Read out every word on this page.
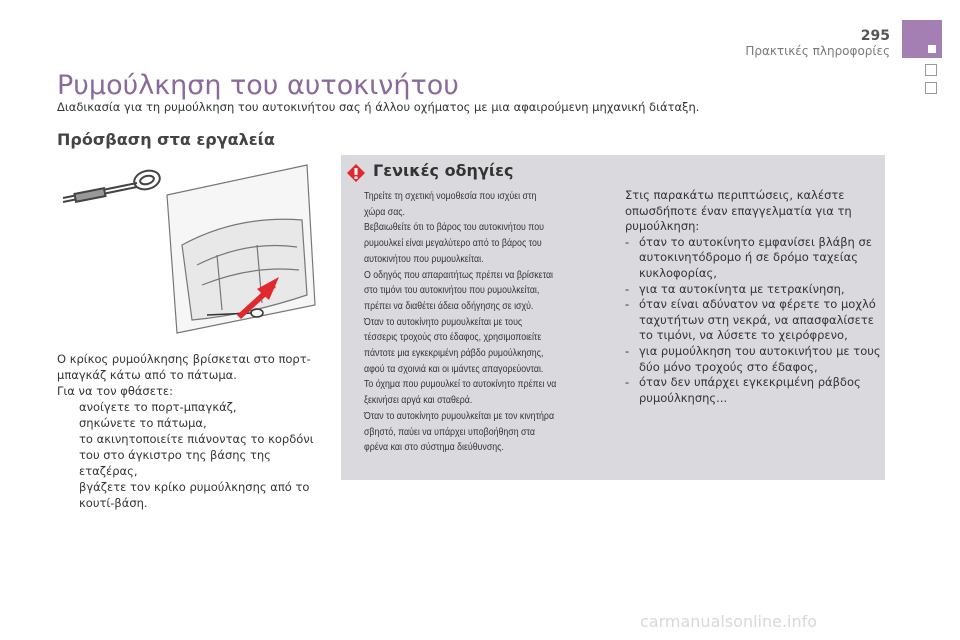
295
Πρακτικές πληροφορίες
Ρυμούλκηση του αυτοκινήτου
Διαδικασία για τη ρυμούλκηση του αυτοκινήτου σας ή άλλου οχήματος με μια αφαιρούμενη μηχανική διάταξη.
Πρόσβαση στα εργαλεία
Ο κρίκος ρυμούλκησης βρίσκεται στο πορτ-
μπαγκάζ κάτω από το πάτωμα.
Για να τον φθάσετε:
ανοίγετε το πορτ-μπαγκάζ,
σηκώνετε το πάτωμα,
το ακινητοποιείτε πιάνοντας το κορδόνι
του στο άγκιστρο της βάσης της εταζέρας,
βγάζετε τον κρίκο ρυμούλκησης από το
κουτί-βάση.
Γενικές οδηγίες
Τηρείτε τη σχετική νομοθεσία που ισχύει στη
χώρα σας.
Βεβαιωθείτε ότι το βάρος του αυτοκινήτου που
ρυμουλκεί είναι μεγαλύτερο από το βάρος του
αυτοκινήτου που ρυμουλκείται.
Ο οδηγός που απαραιτήτως πρέπει να βρίσκεται
στο τιμόνι του αυτοκινήτου που ρυμουλκείται,
πρέπει να διαθέτει άδεια οδήγησης σε ισχύ.
Όταν το αυτοκίνητο ρυμουλκείται με τους
τέσσερις τροχούς στο έδαφος, χρησιμοποιείτε
πάντοτε μια εγκεκριμένη ράβδο ρυμούλκησης,
αφού τα σχοινιά και οι ιμάντες απαγορεύονται.
Το όχημα που ρυμουλκεί το αυτοκίνητο πρέπει να
ξεκινήσει αργά και σταθερά.
Όταν το αυτοκίνητο ρυμουλκείται με τον κινητήρα
σβηστό, παύει να υπάρχει υποβοήθηση στα
φρένα και στο σύστημα διεύθυνσης.
Στις παρακάτω περιπτώσεις, καλέστε
οπωσδήποτε έναν επαγγελματία για τη
ρυμούλκηση:
- όταν το αυτοκίνητο εμφανίσει βλάβη σε
αυτοκινητόδρομο ή σε δρόμο ταχείας
κυκλοφορίας,
- για τα αυτοκίνητα με τετρακίνηση,
- όταν είναι αδύνατον να φέρετε το μοχλό
ταχυτήτων στη νεκρά, να απασφαλίσετε
το τιμόνι, να λύσετε το χειρόφρενο,
- για ρυμούλκηση του αυτοκινήτου με τους
δύο μόνο τροχούς στο έδαφος,
- όταν δεν υπάρχει εγκεκριμένη ράβδος
ρυμούλκησης...
carmanualsonline.info
